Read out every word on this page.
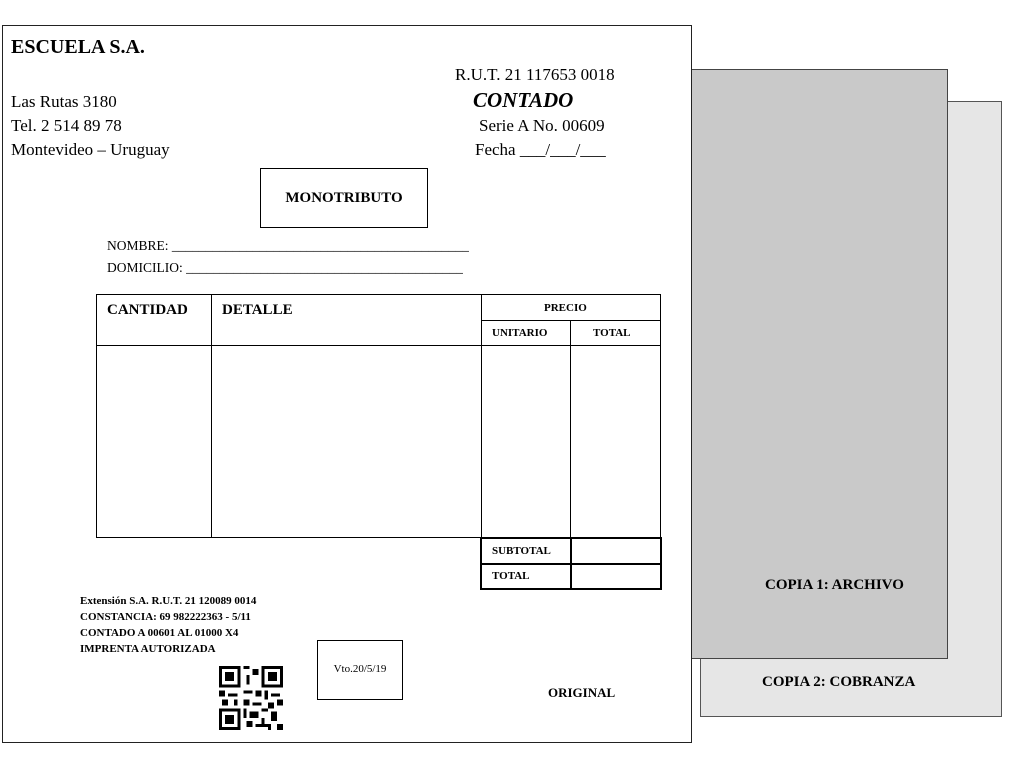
COPIA 2: COBRANZA
COPIA 1: ARCHIVO
ESCUELA S.A.
R.U.T. 21 117653 0018
Las Rutas 3180	CONTADO
Tel. 2 514 89 78	Serie A No. 00609
Montevideo – Uruguay	Fecha ___/___/___
MONOTRIBUTO
NOMBRE: ____________________________________________
DOMICILIO: _________________________________________
CANTIDAD DETALLE	PRECIO
UNITARIO	TOTAL
SUBTOTAL
TOTAL
Extensión S.A. R.U.T. 21 120089 0014
CONSTANCIA: 69 982222363 - 5/11
CONTADO A 00601 AL 01000 X4
IMPRENTA AUTORIZADA
Vto.20/5/19
ORIGINAL
